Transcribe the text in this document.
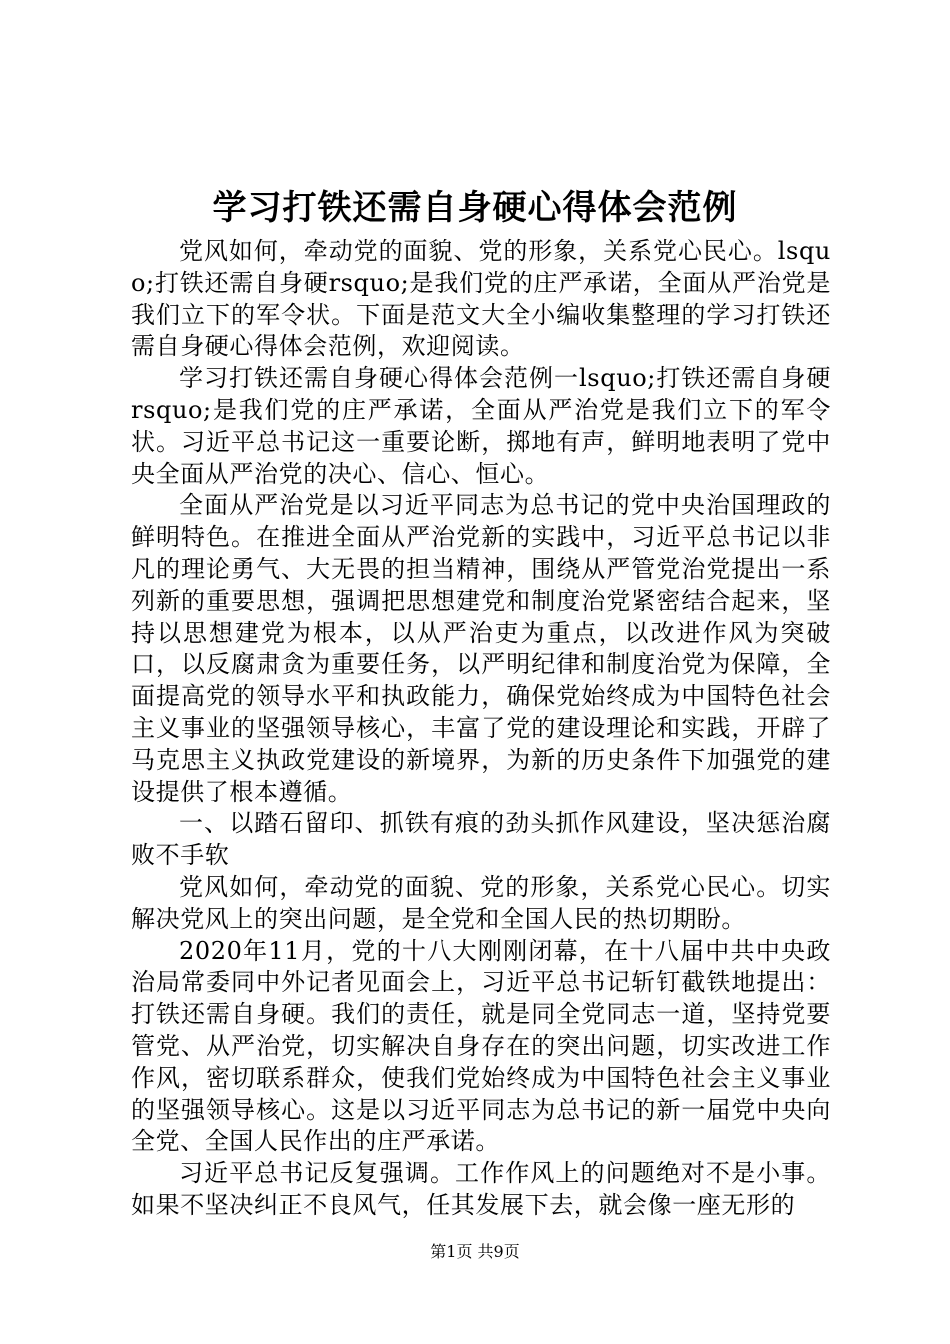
学习打铁还需自身硬心得体会范例

党风如何，牵动党的面貌、党的形象，关系党心民心。lsquo;打铁还需自身硬rsquo;是我们党的庄严承诺，全面从严治党是我们立下的军令状。下面是范文大全小编收集整理的学习打铁还需自身硬心得体会范例，欢迎阅读。

学习打铁还需自身硬心得体会范例一lsquo;打铁还需自身硬rsquo;是我们党的庄严承诺，全面从严治党是我们立下的军令状。习近平总书记这一重要论断，掷地有声，鲜明地表明了党中央全面从严治党的决心、信心、恒心。

全面从严治党是以习近平同志为总书记的党中央治国理政的鲜明特色。在推进全面从严治党新的实践中，习近平总书记以非凡的理论勇气、大无畏的担当精神，围绕从严管党治党提出一系列新的重要思想，强调把思想建党和制度治党紧密结合起来，坚持以思想建党为根本，以从严治吏为重点，以改进作风为突破口，以反腐肃贪为重要任务，以严明纪律和制度治党为保障，全面提高党的领导水平和执政能力，确保党始终成为中国特色社会主义事业的坚强领导核心，丰富了党的建设理论和实践，开辟了马克思主义执政党建设的新境界，为新的历史条件下加强党的建设提供了根本遵循。

一、以踏石留印、抓铁有痕的劲头抓作风建设，坚决惩治腐败不手软

党风如何，牵动党的面貌、党的形象，关系党心民心。切实解决党风上的突出问题，是全党和全国人民的热切期盼。

2020年11月，党的十八大刚刚闭幕，在十八届中共中央政治局常委同中外记者见面会上，习近平总书记斩钉截铁地提出：打铁还需自身硬。我们的责任，就是同全党同志一道，坚持党要管党、从严治党，切实解决自身存在的突出问题，切实改进工作作风，密切联系群众，使我们党始终成为中国特色社会主义事业的坚强领导核心。这是以习近平同志为总书记的新一届党中央向全党、全国人民作出的庄严承诺。

习近平总书记反复强调。工作作风上的问题绝对不是小事。如果不坚决纠正不良风气，任其发展下去，就会像一座无形的

第1页 共9页
